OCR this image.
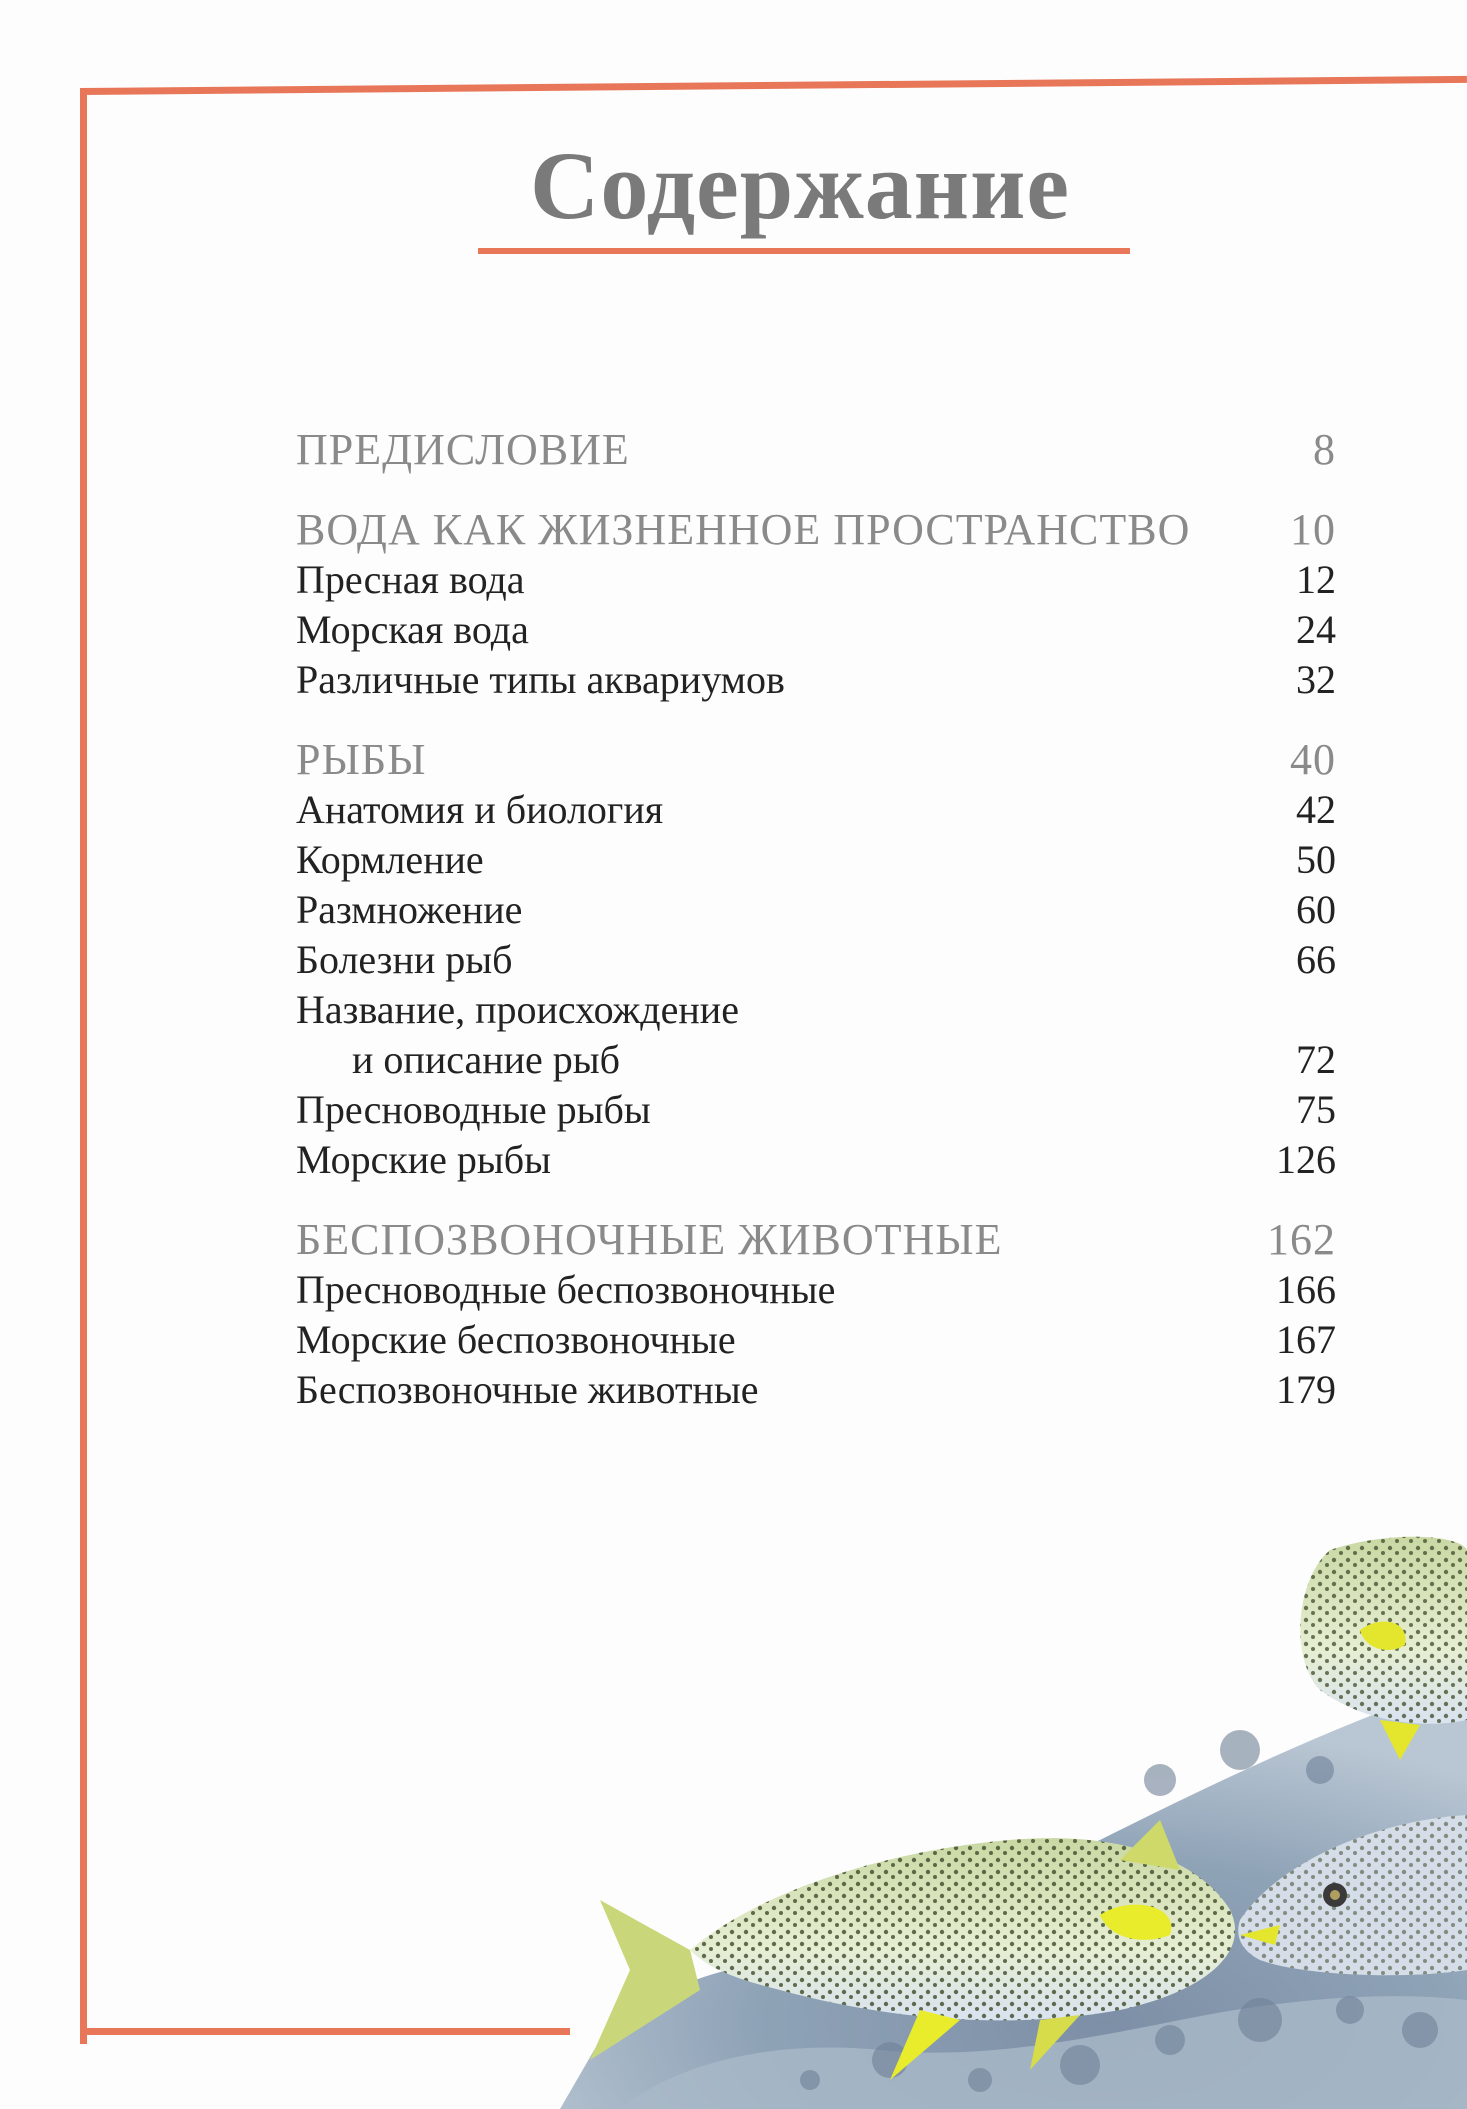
Содержание
ПРЕДИСЛОВИЕ	8
ВОДА КАК ЖИЗНЕННОЕ ПРОСТРАНСТВО 10
Пресная вода	12
Морская вода	24
Различные типы аквариумов	32
РЫБЫ	40
Анатомия и биология	42
Кормление	50
Размножение	60
Болезни рыб	66
Название, происхождение
и описание рыб	72
Пресноводные рыбы	75
Морские рыбы	126
БЕСПОЗВОНОЧНЫЕ ЖИВОТНЫЕ	162
Пресноводные беспозвоночные	166
Морские беспозвоночные	167
Беспозвоночные животные	179
